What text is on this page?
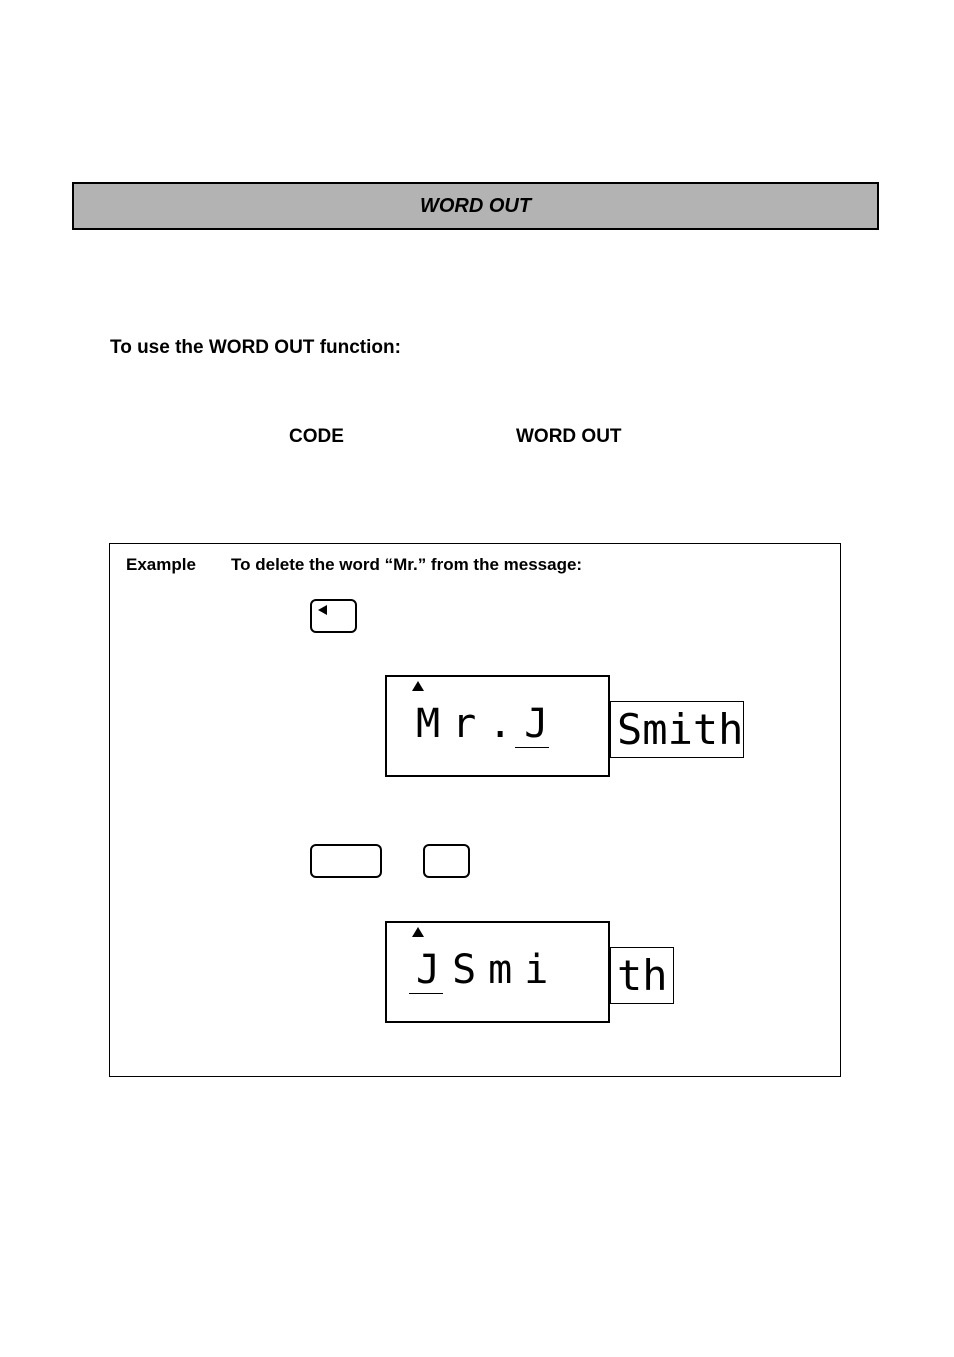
WORD OUT
To use the WORD OUT function:
CODE	WORD OUT
Example To delete the word “Mr.” from the message:
Mr.J Smith
JSmi th
